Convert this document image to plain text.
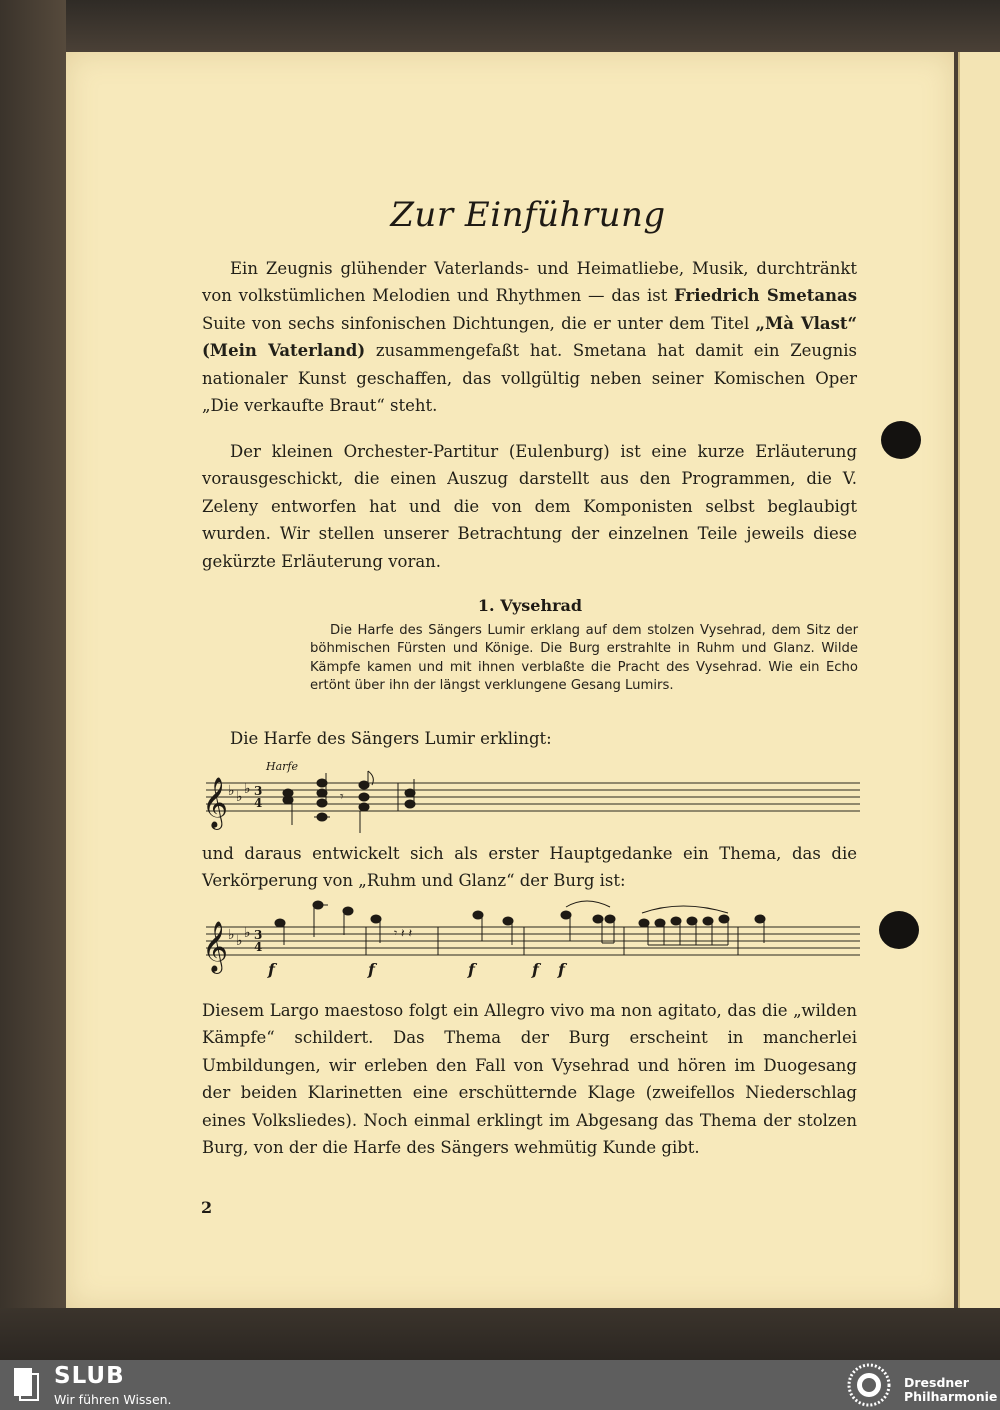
Zur Einführung

Ein Zeugnis glühender Vaterlands- und Heimatliebe, Musik, durchtränkt von volkstümlichen Melodien und Rhythmen — das ist Friedrich Smetanas Suite von sechs sinfonischen Dichtungen, die er unter dem Titel „Mà Vlast“ (Mein Vaterland) zusammengefaßt hat. Smetana hat damit ein Zeugnis nationaler Kunst geschaffen, das vollgültig neben seiner Komischen Oper „Die verkaufte Braut“ steht.

Der kleinen Orchester-Partitur (Eulenburg) ist eine kurze Erläuterung vorausgeschickt, die einen Auszug darstellt aus den Programmen, die V. Zeleny entworfen hat und die von dem Komponisten selbst beglaubigt wurden. Wir stellen unserer Betrachtung der einzelnen Teile jeweils diese gekürzte Erläuterung voran.

1. Vysehrad

Die Harfe des Sängers Lumir erklang auf dem stolzen Vysehrad, dem Sitz der böhmischen Fürsten und Könige. Die Burg erstrahlte in Ruhm und Glanz. Wilde Kämpfe kamen und mit ihnen verblaßte die Pracht des Vysehrad. Wie ein Echo ertönt über ihn der längst verklungene Gesang Lumirs.

Die Harfe des Sängers Lumir erklingt:
Harfe
𝄞 ♭ ♭ ♭ 3
4	𝄾
und daraus entwickelt sich als erster Hauptgedanke ein Thema, das die Verkörperung von „Ruhm und Glanz“ der Burg ist:
𝄞 ♭ ♭ ♭ 3
4
𝄾 𝄽 𝄽
f	f	f	f f

Diesem Largo maestoso folgt ein Allegro vivo ma non agitato, das die „wilden Kämpfe“ schildert. Das Thema der Burg erscheint in mancherlei Umbildungen, wir erleben den Fall von Vysehrad und hören im Duogesang der beiden Klarinetten eine erschütternde Klage (zweifellos Niederschlag eines Volksliedes). Noch einmal erklingt im Abgesang das Thema der stolzen Burg, von der die Harfe des Sängers wehmütig Kunde gibt.

2
SLUB
Wir führen Wissen.
Dresdner
Philharmonie
